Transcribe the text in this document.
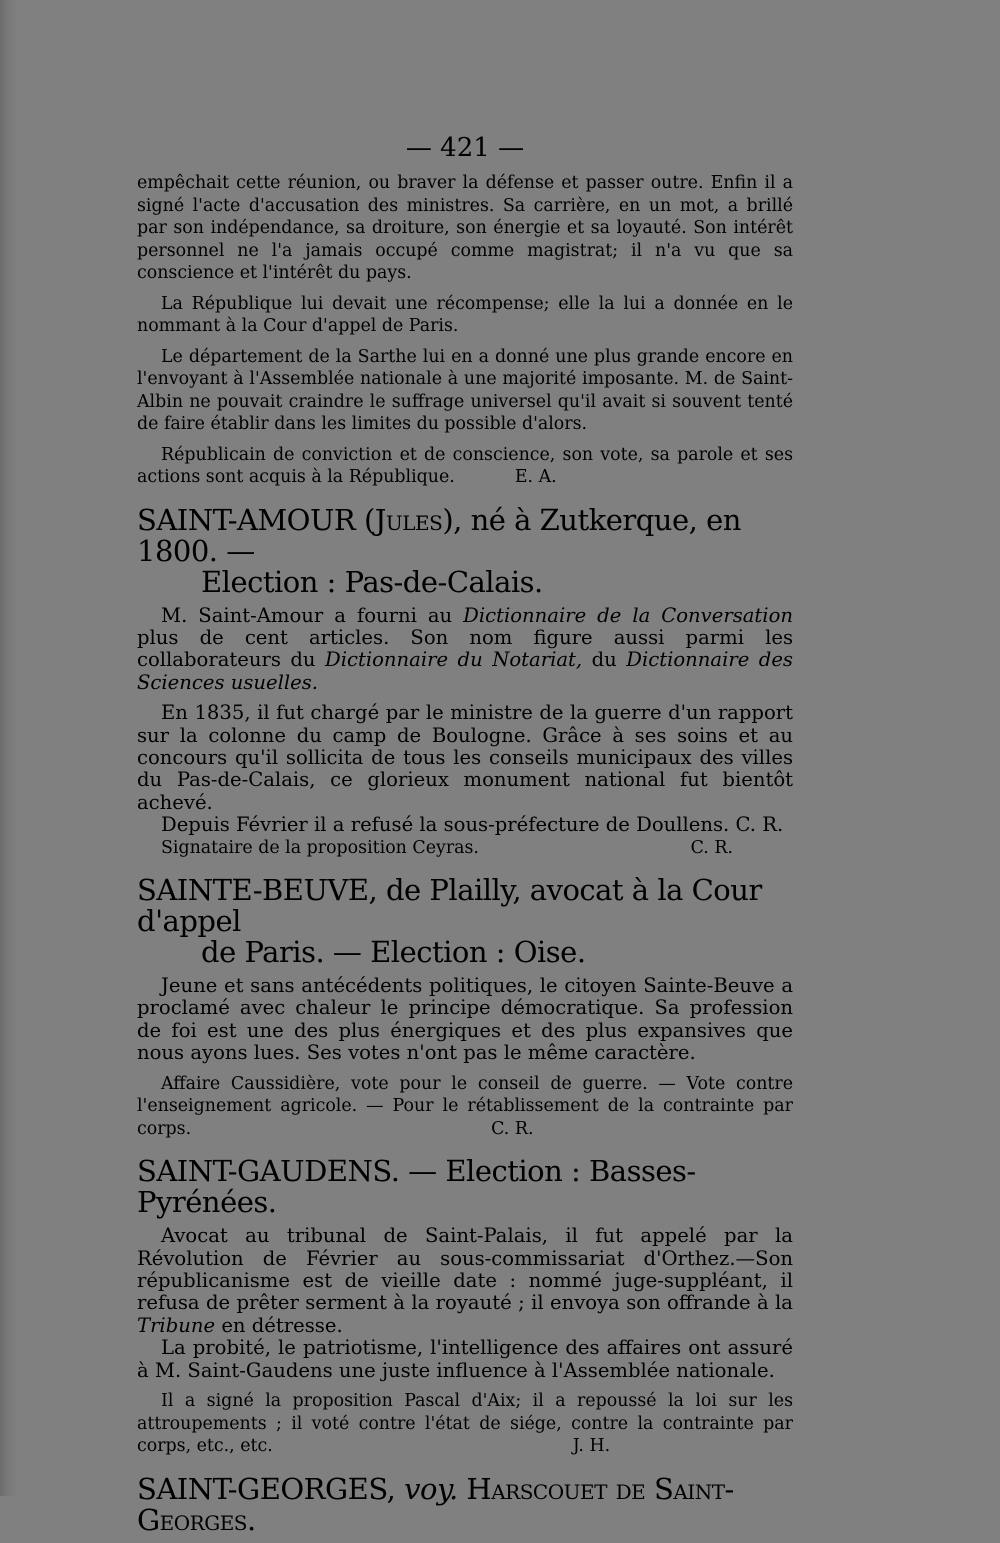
— 421 —

empêchait cette réunion, ou braver la défense et passer outre. Enfin il a signé l'acte d'accusation des ministres. Sa carrière, en un mot, a brillé par son indépendance, sa droiture, son énergie et sa loyauté. Son intérêt personnel ne l'a jamais occupé comme magistrat; il n'a vu que sa conscience et l'intérêt du pays.

La République lui devait une récompense; elle la lui a donnée en le nommant à la Cour d'appel de Paris.

Le département de la Sarthe lui en a donné une plus grande encore en l'envoyant à l'Assemblée nationale à une majorité imposante. M. de Saint-Albin ne pouvait craindre le suffrage universel qu'il avait si souvent tenté de faire établir dans les limites du possible d'alors.

Républicain de conviction et de conscience, son vote, sa parole et ses actions sont acquis à la République.	E. A.

SAINT-AMOUR (Jules), né à Zutkerque, en 1800. —
Election : Pas-de-Calais.

M. Saint-Amour a fourni au Dictionnaire de la Conversation plus de cent articles. Son nom figure aussi parmi les collaborateurs du Dictionnaire du Notariat, du Dictionnaire des Sciences usuelles.

En 1835, il fut chargé par le ministre de la guerre d'un rapport sur la colonne du camp de Boulogne. Grâce à ses soins et au concours qu'il sollicita de tous les conseils municipaux des villes du Pas-de-Calais, ce glorieux monument national fut bientôt achevé.

Depuis Février il a refusé la sous-préfecture de Doullens. C. R.

Signataire de la proposition Ceyras.	C. R.
SAINTE-BEUVE, de Plailly, avocat à la Cour d'appel
de Paris. — Election : Oise.

Jeune et sans antécédents politiques, le citoyen Sainte-Beuve a proclamé avec chaleur le principe démocratique. Sa profession de foi est une des plus énergiques et des plus expansives que nous ayons lues. Ses votes n'ont pas le même caractère.

Affaire Caussidière, vote pour le conseil de guerre. — Vote contre l'enseignement agricole. — Pour le rétablissement de la contrainte par corps.	C. R.

SAINT-GAUDENS. — Election : Basses-Pyrénées.

Avocat au tribunal de Saint-Palais, il fut appelé par la Révolution de Février au sous-commissariat d'Orthez.—Son républicanisme est de vieille date : nommé juge-suppléant, il refusa de prêter serment à la royauté ; il envoya son offrande à la Tribune en détresse.

La probité, le patriotisme, l'intelligence des affaires ont assuré à M. Saint-Gaudens une juste influence à l'Assemblée nationale.

Il a signé la proposition Pascal d'Aix; il a repoussé la loi sur les attroupements ; il voté contre l'état de siége, contre la contrainte par corps, etc., etc.	J. H.

SAINT-GEORGES, voy. Harscouet de Saint-Georges.
